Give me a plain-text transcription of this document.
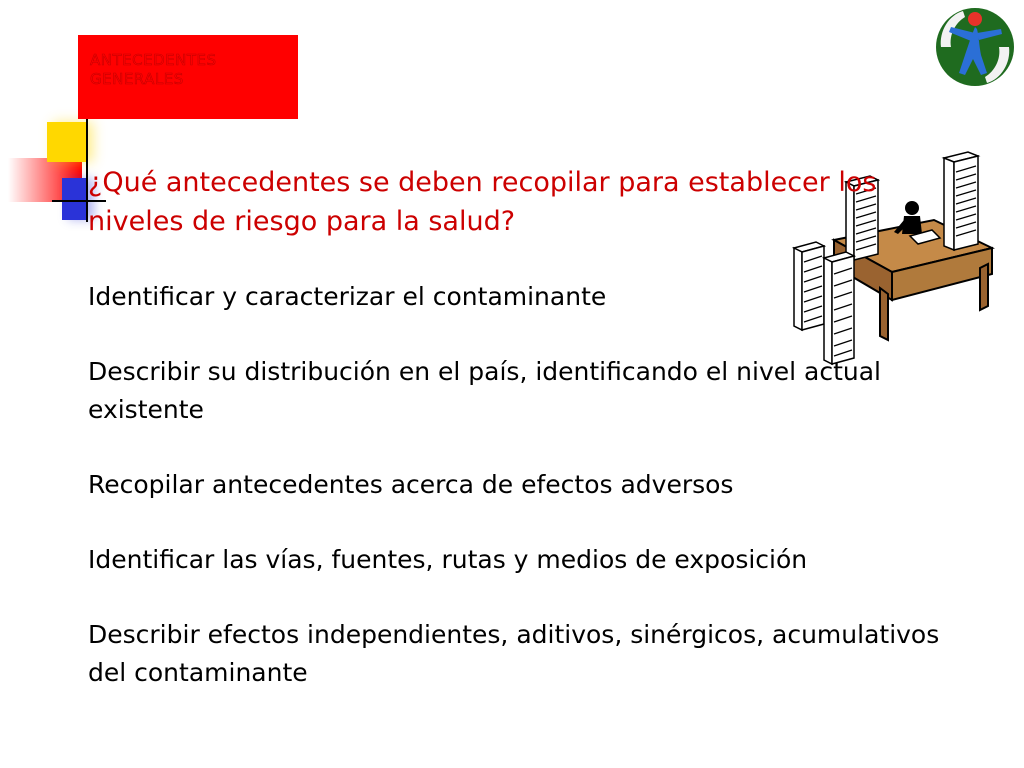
ANTECEDENTES
GENERALES
¿Qué antecedentes se deben recopilar para establecer los niveles de riesgo para la salud?
Identificar y caracterizar el contaminante
Describir su distribución en el país, identificando el nivel actual existente
Recopilar antecedentes acerca de efectos adversos
Identificar las vías, fuentes, rutas y medios de exposición
Describir efectos independientes, aditivos, sinérgicos, acumulativos del contaminante
